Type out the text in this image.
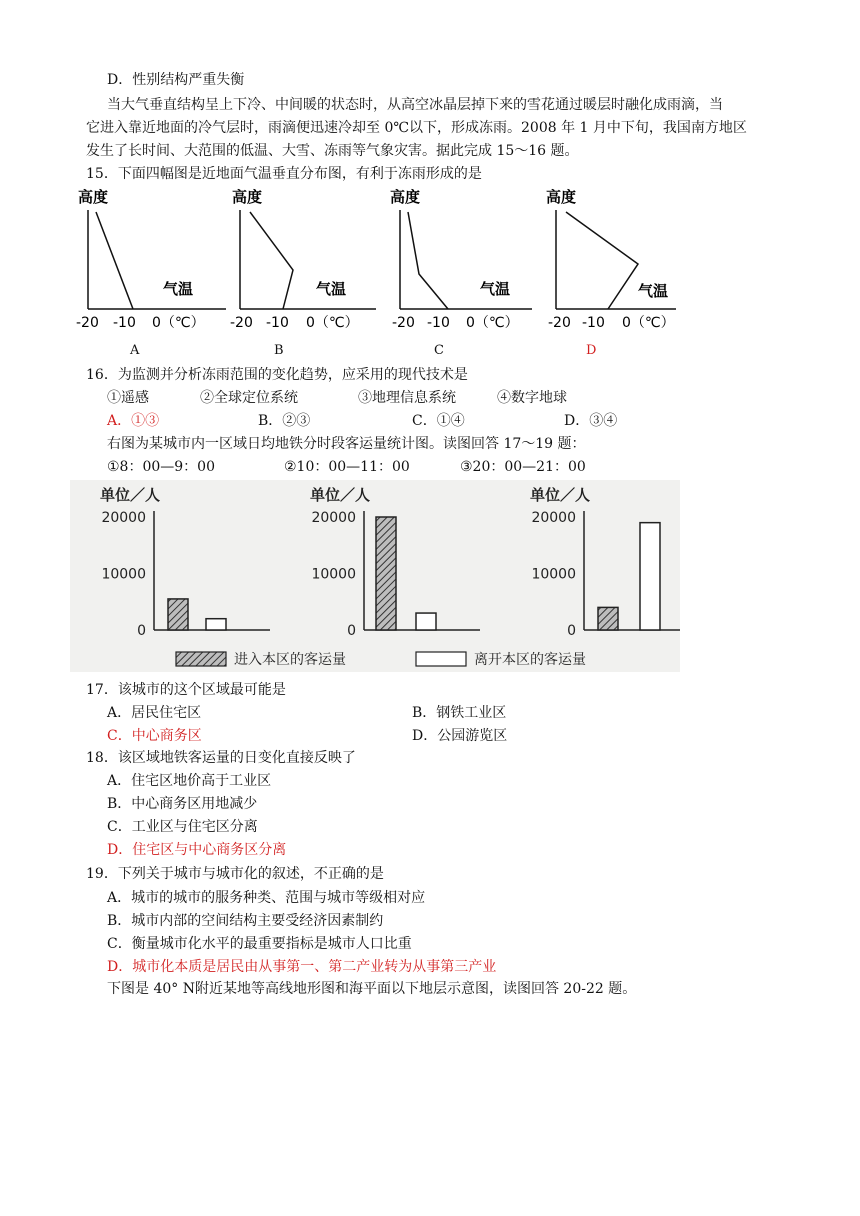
D．性别结构严重失衡
当大气垂直结构呈上下冷、中间暖的状态时，从高空冰晶层掉下来的雪花通过暖层时融化成雨滴，当
它进入靠近地面的冷气层时，雨滴便迅速冷却至 0℃以下，形成冻雨。2008 年 1 月中下旬，我国南方地区
发生了长时间、大范围的低温、大雪、冻雨等气象灾害。据此完成 15～16 题。
15．下面四幅图是近地面气温垂直分布图，有利于冻雨形成的是
高度
气温
-20 -10 0（℃）
高度
气温
-20 -10 0（℃）
高度
气温
-20 -10 0（℃）
高度
气温
-20 -10 0（℃）
A	B	C	D
16．为监测并分析冻雨范围的变化趋势，应采用的现代技术是
①遥感	②全球定位系统	③地理信息系统	④数字地球
A．①③	B．②③	C．①④	D．③④
右图为某城市内一区域日均地铁分时段客运量统计图。读图回答 17～19 题：
①8：00—9：00	②10：00—11：00	③20：00—21：00
单位／人
20000
10000
0
单位／人
20000
10000
0
单位／人
20000
10000
0
进入本区的客运量	离开本区的客运量
17．该城市的这个区域最可能是
A．居民住宅区	B．钢铁工业区
C．中心商务区	D．公园游览区
18．该区域地铁客运量的日变化直接反映了
A．住宅区地价高于工业区
B．中心商务区用地减少
C．工业区与住宅区分离
D．住宅区与中心商务区分离
19．下列关于城市与城市化的叙述，不正确的是
A．城市的城市的服务种类、范围与城市等级相对应
B．城市内部的空间结构主要受经济因素制约
C．衡量城市化水平的最重要指标是城市人口比重
D．城市化本质是居民由从事第一、第二产业转为从事第三产业
下图是 40° N附近某地等高线地形图和海平面以下地层示意图，读图回答 20-22 题。
